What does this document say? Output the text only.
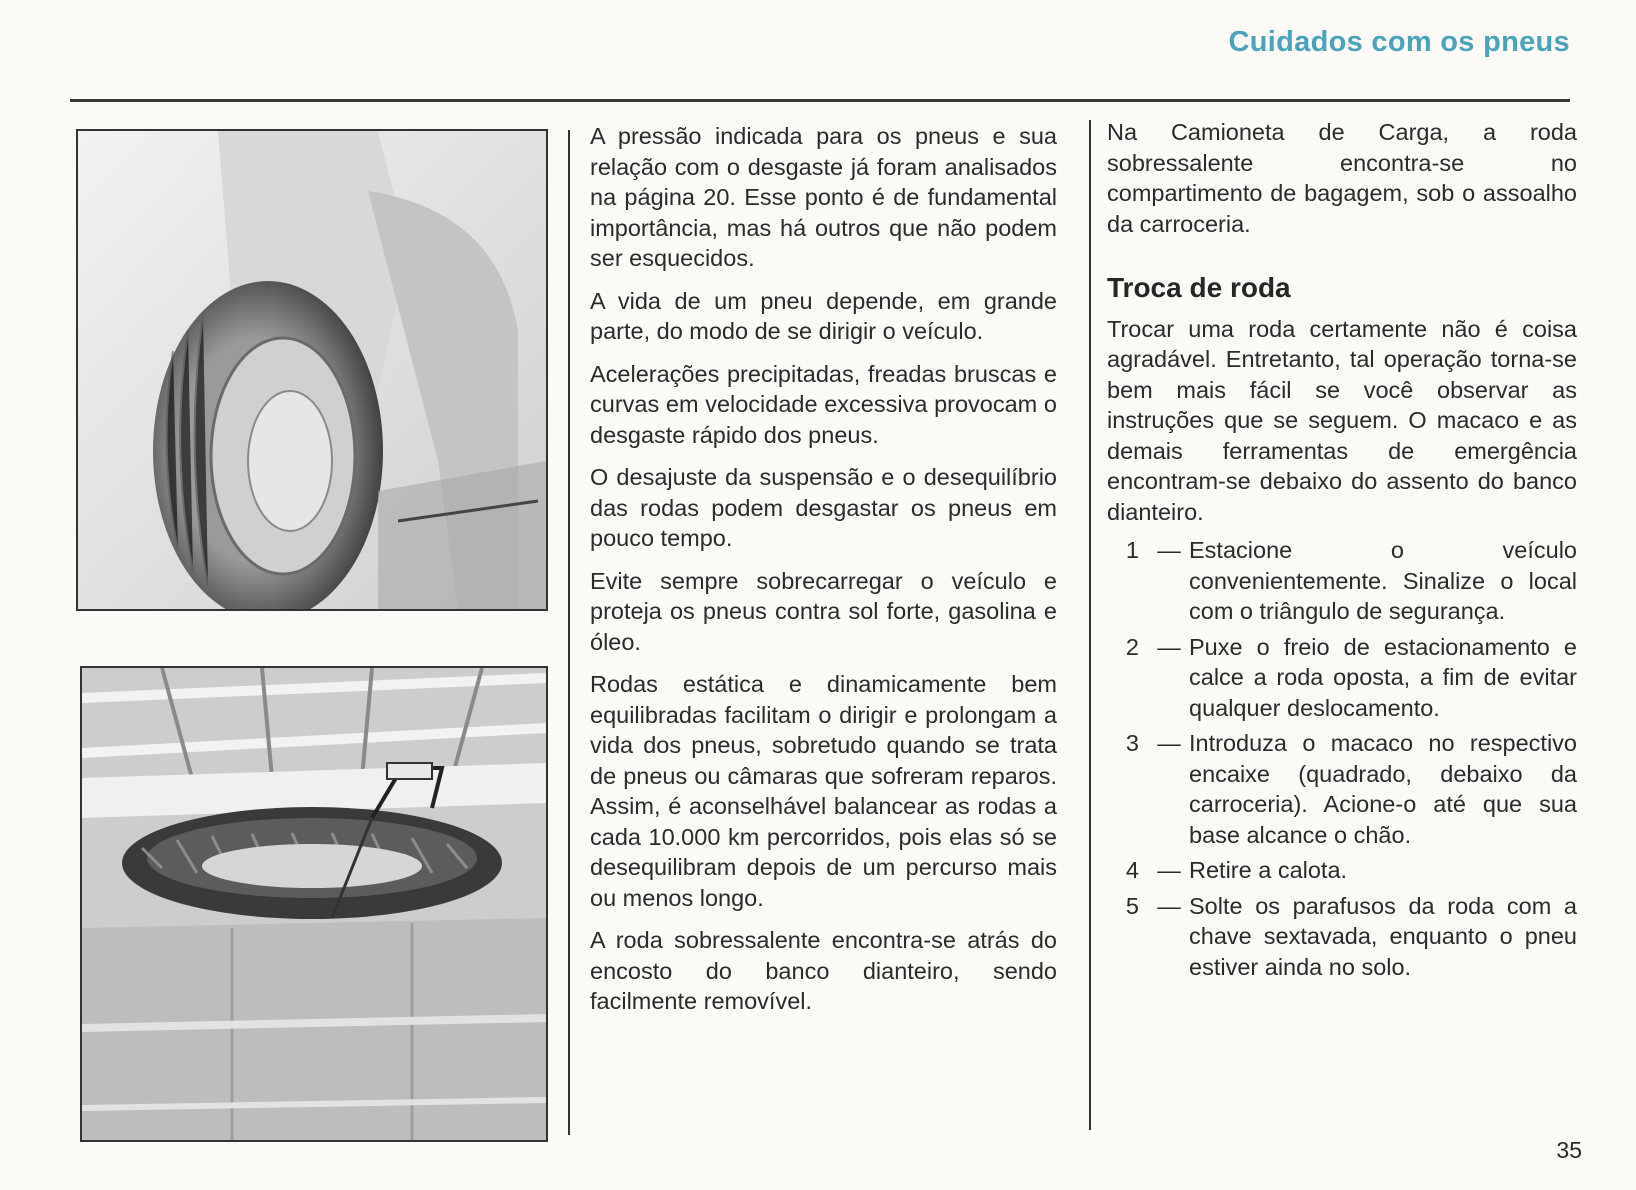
Cuidados com os pneus

A pressão indicada para os pneus e sua relação com o desgaste já foram analisados na página 20. Esse ponto é de fundamental importância, mas há outros que não podem ser esquecidos.

A vida de um pneu depende, em grande parte, do modo de se dirigir o veículo.

Acelerações precipitadas, freadas bruscas e curvas em velocidade excessiva provocam o desgaste rápido dos pneus.

O desajuste da suspensão e o desequilíbrio das rodas podem desgastar os pneus em pouco tempo.

Evite sempre sobrecarregar o veículo e proteja os pneus contra sol forte, gasolina e óleo.

Rodas estática e dinamicamente bem equilibradas facilitam o dirigir e prolongam a vida dos pneus, sobretudo quando se trata de pneus ou câmaras que sofreram reparos. Assim, é aconselhável balancear as rodas a cada 10.000 km percorridos, pois elas só se desequilibram depois de um percurso mais ou menos longo.

A roda sobressalente encontra-se atrás do encosto do banco dianteiro, sendo facilmente removível.

Na Camioneta de Carga, a roda sobressalente encontra-se no compartimento de bagagem, sob o assoalho da carroceria.

Troca de roda

Trocar uma roda certamente não é coisa agradável. Entretanto, tal operação torna-se bem mais fácil se você observar as instruções que se seguem. O macaco e as demais ferramentas de emergência encontram-se debaixo do assento do banco dianteiro.

1 — Estacione o veículo convenientemente. Sinalize o local com o triângulo de segurança.
2 — Puxe o freio de estacionamento e calce a roda oposta, a fim de evitar qualquer deslocamento.
3 — Introduza o macaco no respectivo encaixe (quadrado, debaixo da carroceria). Acione-o até que sua base alcance o chão.
4 — Retire a calota.
5 — Solte os parafusos da roda com a chave sextavada, enquanto o pneu estiver ainda no solo.
35
